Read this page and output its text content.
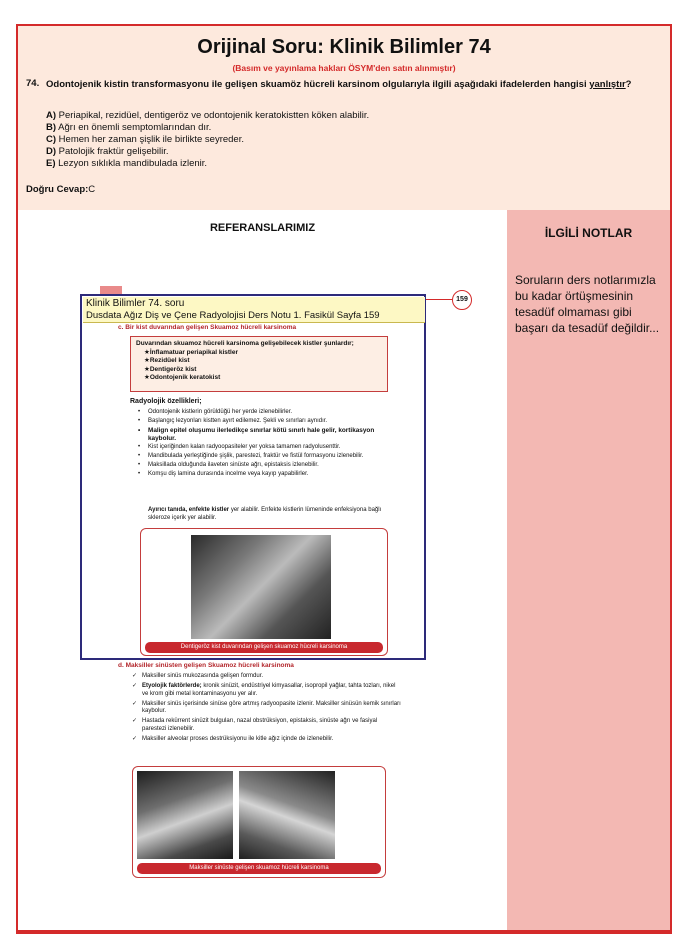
Orijinal Soru: Klinik Bilimler 74
(Basım ve yayınlama hakları ÖSYM'den satın alınmıştır)
74. Odontojenik kistin transformasyonu ile gelişen skuamöz hücreli karsinom olgularıyla ilgili aşağıdaki ifadelerden hangisi yanlıştır?
A) Periapikal, rezidüel, dentigeröz ve odontojenik keratokistten köken alabilir.
B) Ağrı en önemli semptomlarından dır.
C) Hemen her zaman şişlik ile birlikte seyreder.
D) Patolojik fraktür gelişebilir.
E) Lezyon sıklıkla mandibulada izlenir.
Doğru Cevap:C
REFERANSLARIMIZ	İLGİLİ NOTLAR
Soruların ders notlarımızla bu kadar örtüşmesinin tesadüf olmaması gibi başarı da tesadüf değildir...
159
Klinik Bilimler 74. soru
Dusdata Ağız Diş ve Çene Radyolojisi Ders Notu 1. Fasikül Sayfa 159
c. Bir kist duvarından gelişen Skuamoz hücreli karsinoma
Duvarından skuamoz hücreli karsinoma gelişebilecek kistler şunlardır;
★ İnflamatuar periapikal kistler
★ Rezidüel kist
★ Dentigeröz kist
★ Odontojenik keratokist
Radyolojik özellikleri;
• Odontojenik kistlerin görüldüğü her yerde izlenebilirler.
• Başlangıç lezyonları kistten ayırt edilemez. Şekli ve sınırları aynıdır.
• Malign epitel oluşumu ilerledikçe sınırlar kötü sınırlı hale gelir, kortikasyon kaybolur.
• Kist içeriğinden kalan radyoopasiteler yer yoksa tamamen radyolusenttir.
• Mandibulada yerleştiğinde şişlik, parestezi, fraktür ve fistül formasyonu izlenebilir.
• Maksillada olduğunda ilaveten sinüste ağrı, epistaksis izlenebilir.
• Komşu diş lamina durasında incelme veya kayıp yapabilirler.
Ayırıcı tanıda, enfekte kistler yer alabilir. Enfekte kistlerin lümeninde enfeksiyona bağlı skleroze içerik yer alabilir.
Dentigeröz kist duvarından gelişen skuamoz hücreli karsinoma
d. Maksiller sinüsten gelişen Skuamoz hücreli karsinoma
✓ Maksiller sinüs mukozasında gelişen formdur.
✓ Etyolojik faktörlerde; kronik sinüzit, endüstriyel kimyasallar, isopropil yağlar, tahta tozları, nikel ve krom gibi metal kontaminasyonu yer alır.
✓ Maksiller sinüs içerisinde sinüse göre artmış radyoopasite izlenir. Maksiller sinüsün kemik sınırları kaybolur.
✓ Hastada rekürrent sinüzit bulguları, nazal obstrüksiyon, epistaksis, sinüste ağrı ve fasiyal parestezi izlenebilir.
✓ Maksiller alveolar proses destrüksiyonu ile kitle ağız içinde de izlenebilir.
Maksiller sinüste gelişen skuamoz hücreli karsinoma
